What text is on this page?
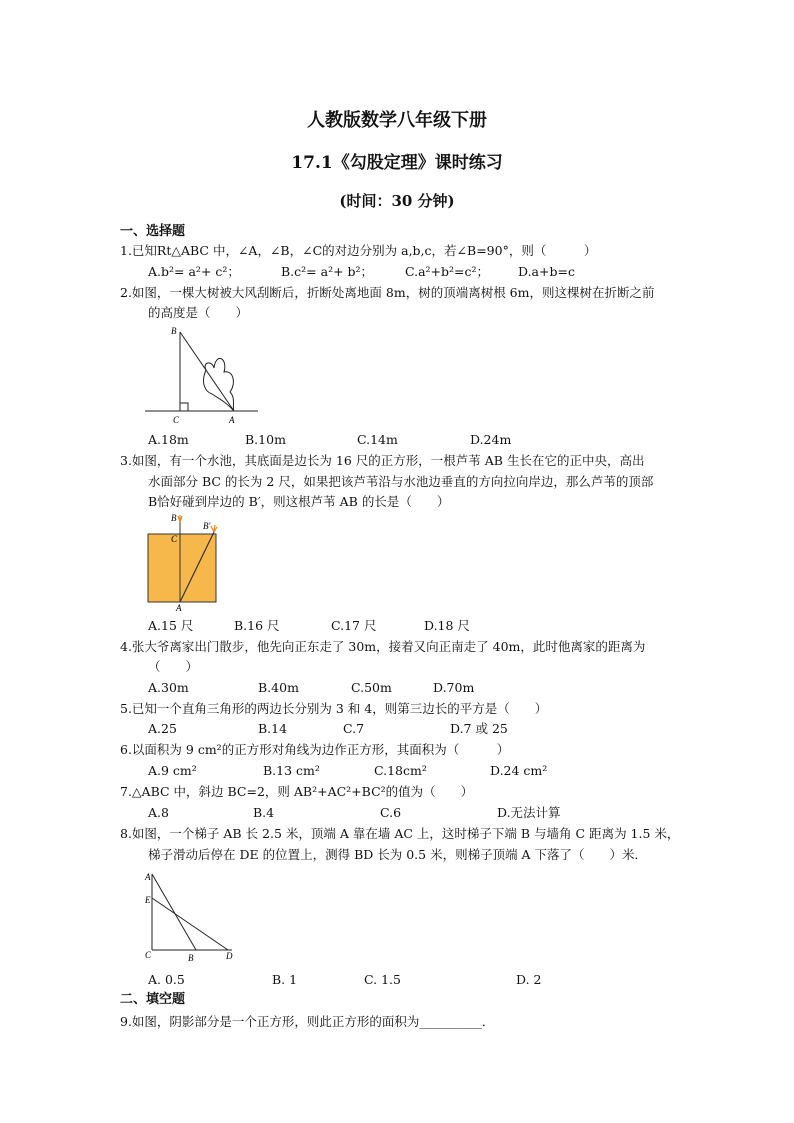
人教版数学八年级下册
17.1《勾股定理》课时练习
(时间：30 分钟)
一、选择题
1.已知Rt△ABC 中，∠A，∠B，∠C的对边分别为 a,b,c，若∠B=90°，则（　　　）
A.b²= a²+ c²；	B.c²= a²+ b²；	C.a²+b²=c²； D.a+b=c
2.如图，一棵大树被大风刮断后，折断处离地面 8m，树的顶端离树根 6m，则这棵树在折断之前
的高度是（　　）
B
C	A
A.18m	B.10m	C.14m	D.24m
3.如图，有一个水池，其底面是边长为 16 尺的正方形，一根芦苇 AB 生长在它的正中央，高出
水面部分 BC 的长为 2 尺，如果把该芦苇沿与水池边垂直的方向拉向岸边，那么芦苇的顶部
B恰好碰到岸边的 B′，则这根芦苇 AB 的长是（　　）
B
B′
C
A
A.15 尺	B.16 尺	C.17 尺	D.18 尺
4.张大爷离家出门散步，他先向正东走了 30m，接着又向正南走了 40m，此时他离家的距离为
（　　）
A.30m	B.40m	C.50m	D.70m
5.已知一个直角三角形的两边长分别为 3 和 4，则第三边长的平方是（　　）
A.25	B.14	C.7	D.7 或 25
6.以面积为 9 cm²的正方形对角线为边作正方形，其面积为（　　　）
A.9 cm²	B.13 cm²	C.18cm²	D.24 cm²
7.△ABC 中，斜边 BC=2，则 AB²+AC²+BC²的值为（　　）
A.8	B.4	C.6	D.无法计算
8.如图，一个梯子 AB 长 2.5 米，顶端 A 靠在墙 AC 上，这时梯子下端 B 与墙角 C 距离为 1.5 米，
梯子滑动后停在 DE 的位置上，测得 BD 长为 0.5 米，则梯子顶端 A 下落了（　　）米．
A
E
C	B	D
A. 0.5	B. 1	C. 1.5	D. 2
二、填空题
9.如图，阴影部分是一个正方形，则此正方形的面积为__________．
